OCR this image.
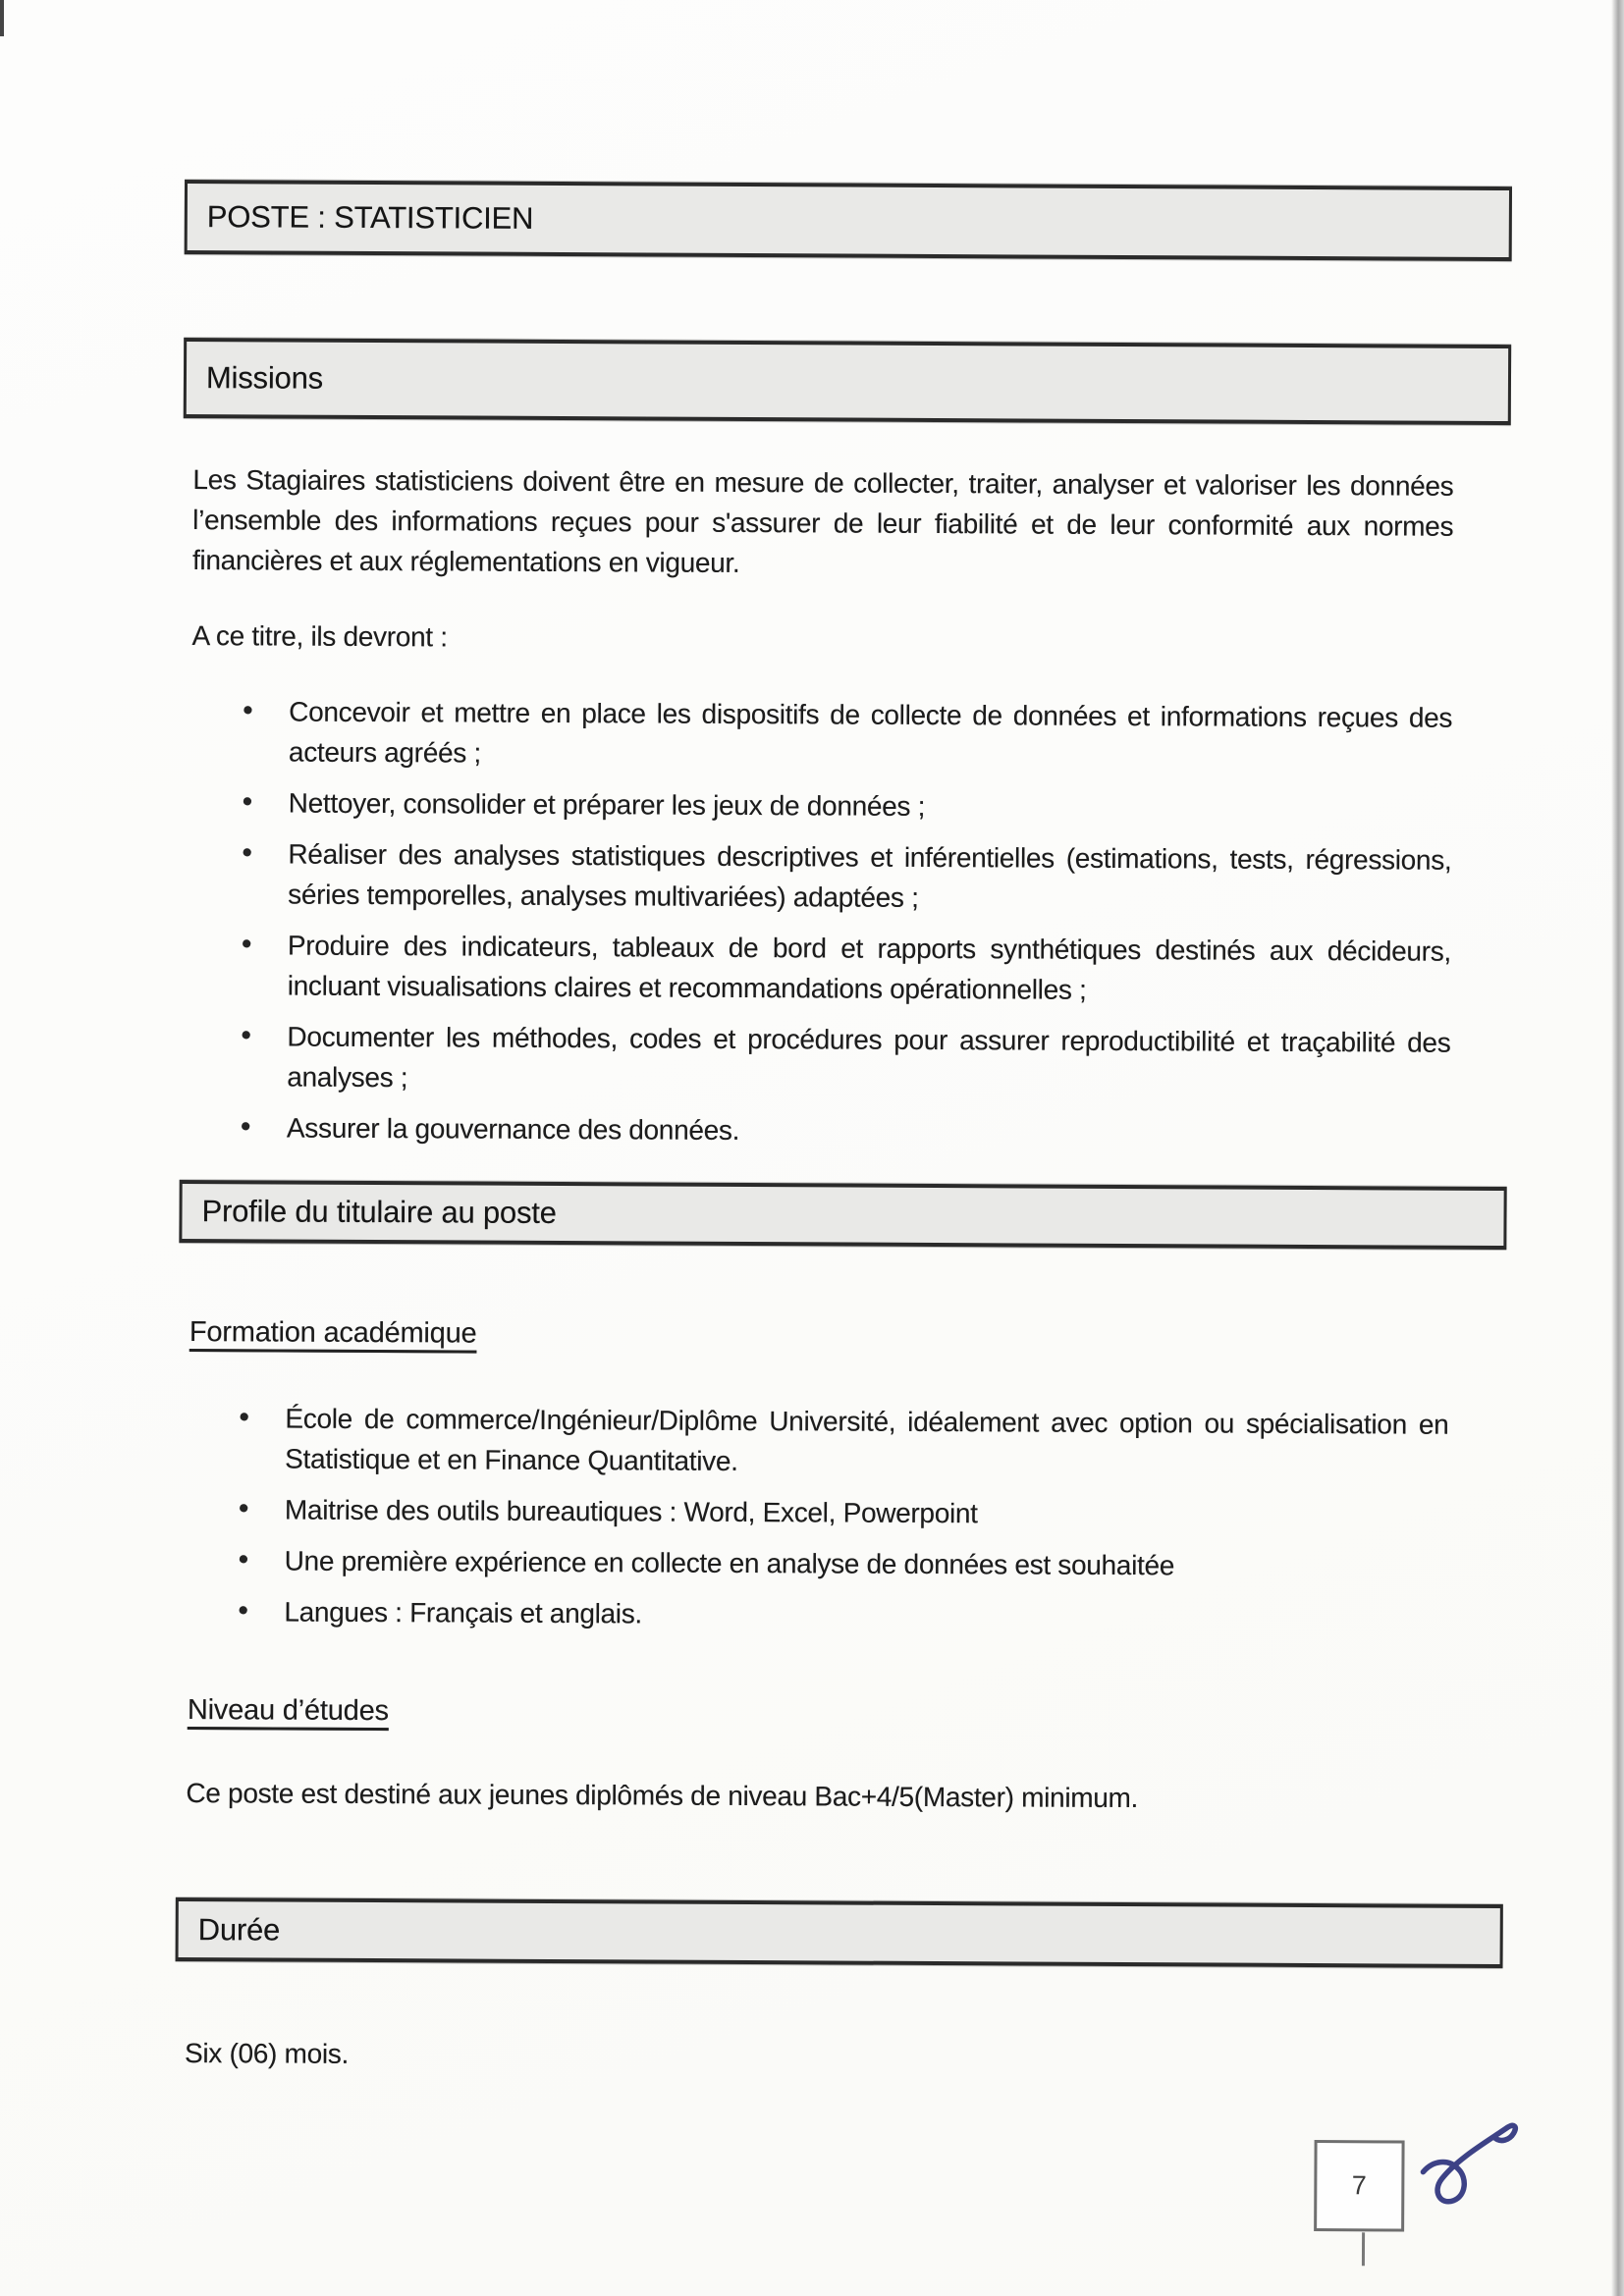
POSTE : STATISTICIEN
Missions

Les Stagiaires statisticiens doivent être en mesure de collecter, traiter, analyser et valoriser les données l’ensemble des informations reçues pour s'assurer de leur fiabilité et de leur conformité aux normes financières et aux réglementations en vigueur.

A ce titre, ils devront :

• Concevoir et mettre en place les dispositifs de collecte de données et informations reçues des acteurs agréés ;
• Nettoyer, consolider et préparer les jeux de données ;
• Réaliser des analyses statistiques descriptives et inférentielles (estimations, tests, régressions, séries temporelles, analyses multivariées) adaptées ;
• Produire des indicateurs, tableaux de bord et rapports synthétiques destinés aux décideurs, incluant visualisations claires et recommandations opérationnelles ;
• Documenter les méthodes, codes et procédures pour assurer reproductibilité et traçabilité des analyses ;
• Assurer la gouvernance des données.
Profile du titulaire au poste
Formation académique
• École de commerce/Ingénieur/Diplôme Université, idéalement avec option ou spécialisation en Statistique et en Finance Quantitative.
• Maitrise des outils bureautiques : Word, Excel, Powerpoint
• Une première expérience en collecte en analyse de données est souhaitée
• Langues : Français et anglais.
Niveau d’études

Ce poste est destiné aux jeunes diplômés de niveau Bac+4/5(Master) minimum.

Durée

Six (06) mois.

7
